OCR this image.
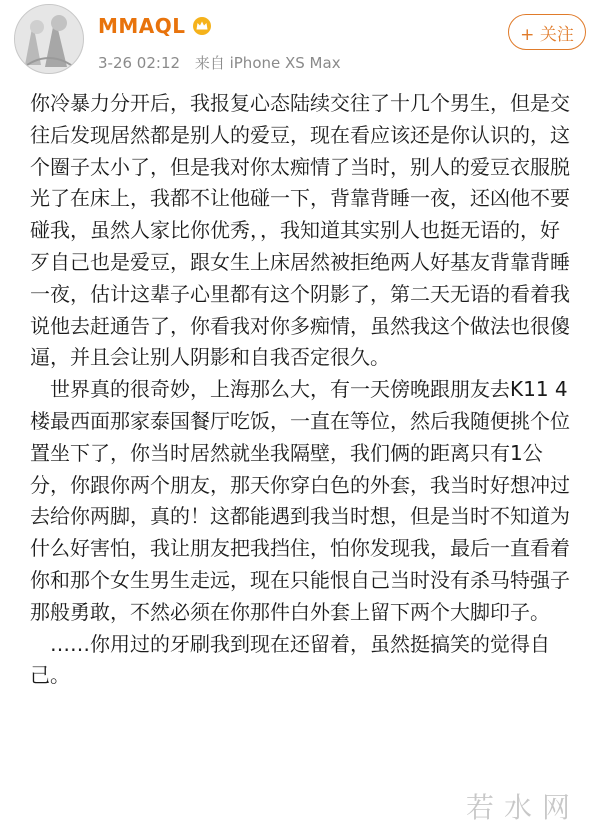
MMAQL
3-26 02:12 来自 iPhone XS Max
+ 关注

你冷暴力分开后，我报复心态陆续交往了十几个男生，但是交往后发现居然都是别人的爱豆，现在看应该还是你认识的，这个圈子太小了，但是我对你太痴情了当时，别人的爱豆衣服脱光了在床上，我都不让他碰一下，背靠背睡一夜，还凶他不要碰我，虽然人家比你优秀，，我知道其实别人也挺无语的，好歹自己也是爱豆，跟女生上床居然被拒绝两人好基友背靠背睡一夜，估计这辈子心里都有这个阴影了，第二天无语的看着我说他去赶通告了，你看我对你多痴情，虽然我这个做法也很傻逼，并且会让别人阴影和自我否定很久。

世界真的很奇妙，上海那么大，有一天傍晚跟朋友去K11 4楼最西面那家泰国餐厅吃饭，一直在等位，然后我随便挑个位置坐下了，你当时居然就坐我隔壁，我们俩的距离只有1公分，你跟你两个朋友，那天你穿白色的外套，我当时好想冲过去给你两脚，真的！这都能遇到我当时想，但是当时不知道为什么好害怕，我让朋友把我挡住，怕你发现我，最后一直看着你和那个女生男生走远，现在只能恨自己当时没有杀马特强子那般勇敢，不然必须在你那件白外套上留下两个大脚印子。

……你用过的牙刷我到现在还留着，虽然挺搞笑的觉得自己。

若水网
